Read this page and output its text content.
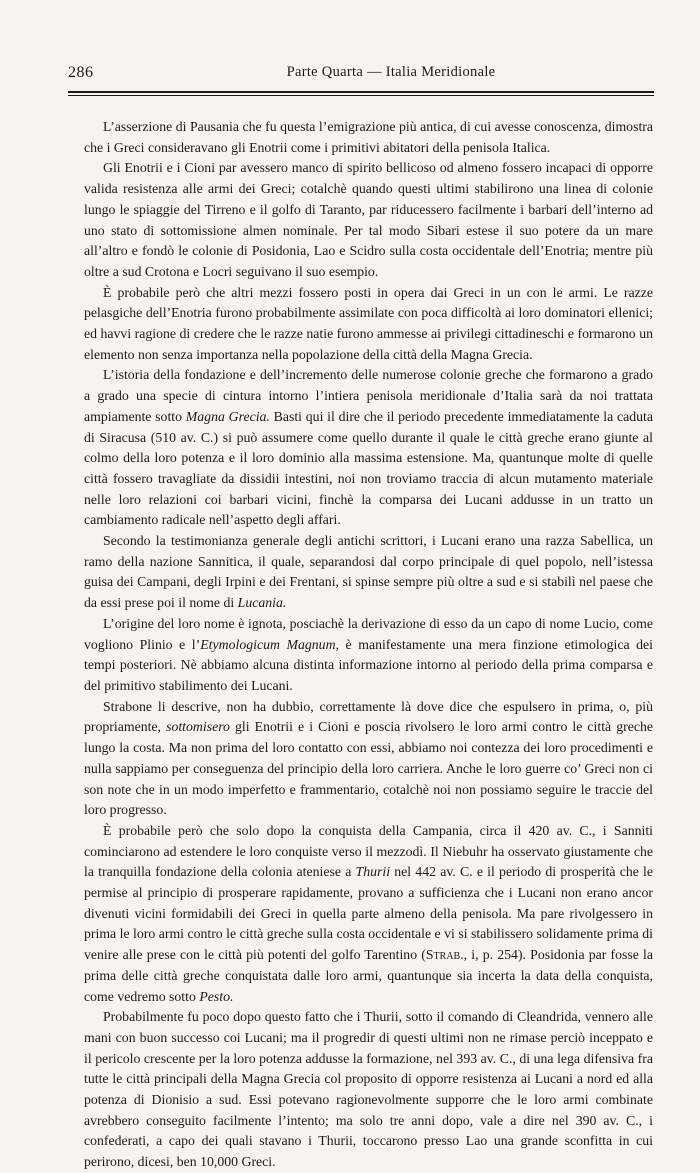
286	Parte Quarta — Italia Meridionale

L’asserzione di Pausania che fu questa l’emigrazione più antica, di cui avesse conoscenza, dimostra che i Greci consideravano gli Enotrii come i primitivi abitatori della penisola Italica.

Gli Enotrii e i Cioni par avessero manco di spirito bellicoso od almeno fossero incapaci di opporre valida resistenza alle armi dei Greci; cotalchè quando questi ultimi stabilirono una linea di colonie lungo le spiaggie del Tirreno e il golfo di Taranto, par riducessero facilmente i barbari dell’interno ad uno stato di sottomissione almen nominale. Per tal modo Sibari estese il suo potere da un mare all’altro e fondò le colonie di Posidonia, Lao e Scidro sulla costa occidentale dell’Enotria; mentre più oltre a sud Crotona e Locri seguivano il suo esempio.

È probabile però che altri mezzi fossero posti in opera dai Greci in un con le armi. Le razze pelasgiche dell’Enotria furono probabilmente assimilate con poca difficoltà ai loro dominatori ellenici; ed havvi ragione di credere che le razze natie furono ammesse ai privilegi cittadineschi e formarono un elemento non senza importanza nella popolazione della città della Magna Grecia.

L’istoria della fondazione e dell’incremento delle numerose colonie greche che formarono a grado a grado una specie di cintura intorno l’intiera penisola meridionale d’Italia sarà da noi trattata ampiamente sotto Magna Grecia. Basti qui il dire che il periodo precedente immediatamente la caduta di Siracusa (510 av. C.) si può assumere come quello durante il quale le città greche erano giunte al colmo della loro potenza e il loro dominio alla massima estensione. Ma, quantunque molte di quelle città fossero travagliate da dissidii intestini, noi non troviamo traccia di alcun mutamento materiale nelle loro relazioni coi barbari vicini, finchè la comparsa dei Lucani addusse in un tratto un cambiamento radicale nell’aspetto degli affari.

Secondo la testimonianza generale degli antichi scrittori, i Lucani erano una razza Sabellica, un ramo della nazione Sannitica, il quale, separandosi dal corpo principale di quel popolo, nell’istessa guisa dei Campani, degli Irpini e dei Frentani, si spinse sempre più oltre a sud e si stabilì nel paese che da essi prese poi il nome di Lucania.

L’origine del loro nome è ignota, posciachè la derivazione di esso da un capo di nome Lucio, come vogliono Plinio e l’Etymologicum Magnum, è manifestamente una mera finzione etimologica dei tempi posteriori. Nè abbiamo alcuna distinta informazione intorno al periodo della prima comparsa e del primitivo stabilimento dei Lucani.

Strabone li descrive, non ha dubbio, correttamente là dove dice che espulsero in prima, o, più propriamente, sottomisero gli Enotrii e i Cioni e poscia rivolsero le loro armi contro le città greche lungo la costa. Ma non prima del loro contatto con essi, abbiamo noi contezza dei loro procedimenti e nulla sappiamo per conseguenza del principio della loro carriera. Anche le loro guerre co’ Greci non ci son note che in un modo imperfetto e frammentario, cotalchè noi non possiamo seguire le traccie del loro progresso.

È probabile però che solo dopo la conquista della Campania, circa il 420 av. C., i Sanniti cominciarono ad estendere le loro conquiste verso il mezzodì. Il Niebuhr ha osservato giustamente che la tranquilla fondazione della colonia ateniese a Thurii nel 442 av. C. e il periodo di prosperità che le permise al principio di prosperare rapidamente, provano a sufficienza che i Lucani non erano ancor divenuti vicini formidabili dei Greci in quella parte almeno della penisola. Ma pare rivolgessero in prima le loro armi contro le città greche sulla costa occidentale e vi si stabilissero solidamente prima di venire alle prese con le città più potenti del golfo Tarentino (Strab., i, p. 254). Posidonia par fosse la prima delle città greche conquistata dalle loro armi, quantunque sia incerta la data della conquista, come vedremo sotto Pesto.

Probabilmente fu poco dopo questo fatto che i Thurii, sotto il comando di Cleandrida, vennero alle mani con buon successo coi Lucani; ma il progredir di questi ultimi non ne rimase perciò inceppato e il pericolo crescente per la loro potenza addusse la formazione, nel 393 av. C., di una lega difensiva fra tutte le città principali della Magna Grecia col proposito di opporre resistenza ai Lucani a nord ed alla potenza di Dionisio a sud. Essi potevano ragionevolmente supporre che le loro armi combinate avrebbero conseguito facilmente l’intento; ma solo tre anni dopo, vale a dire nel 390 av. C., i confederati, a capo dei quali stavano i Thurii, toccarono presso Lao una grande sconfitta in cui perirono, dicesi, ben 10,000 Greci.
